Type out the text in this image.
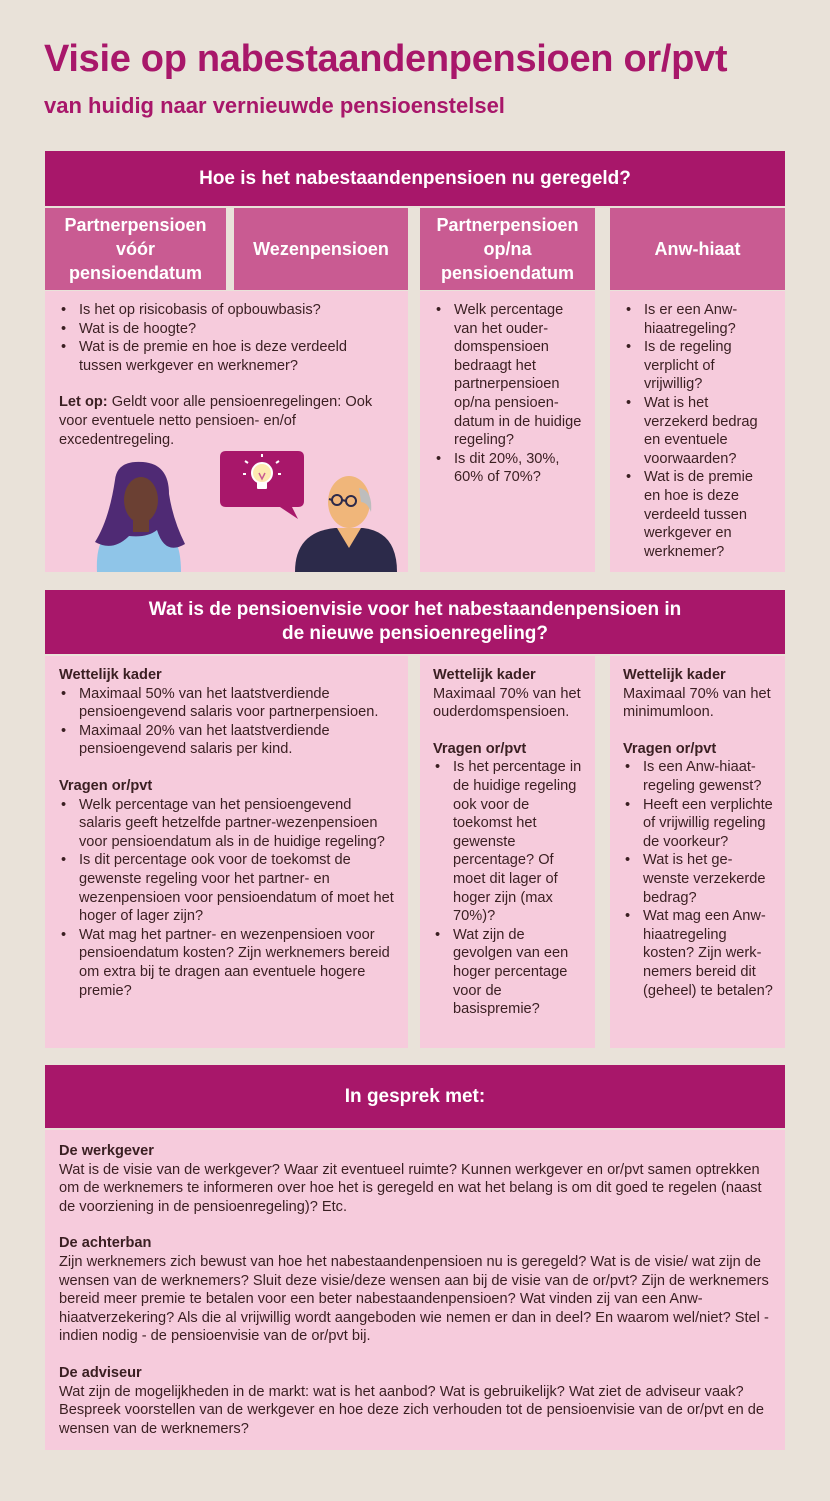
Visie op nabestaandenpensioen or/pvt
van huidig naar vernieuwde pensioenstelsel
Hoe is het nabestaandenpensioen nu geregeld?
Partnerpensioen vóór pensioendatum
Wezenpensioen
Partnerpensioen op/na pensioendatum
Anw-hiaat
• Is het op risicobasis of opbouwbasis?
• Wat is de hoogte?
• Wat is de premie en hoe is deze verdeeld tussen werkgever en werknemer?
Let op: Geldt voor alle pensioenregelingen: Ook voor eventuele netto pensioen- en/of excedentregeling.
• Welk percentage van het ouder-domspensioen bedraagt het partnerpensioen op/na pensioendatum in de huidige regeling?
• Is dit 20%, 30%, 60% of 70%?
• Is er een Anw-hiaatregeling?
• Is de regeling verplicht of vrijwillig?
• Wat is het verzekerd bedrag en eventuele voorwaarden?
• Wat is de premie en hoe is deze verdeeld tussen werkgever en werknemer?
Wat is de pensioenvisie voor het nabestaandenpensioen in
de nieuwe pensioenregeling?
Wettelijk kader
• Maximaal 50% van het laatstverdiende pensioengevend salaris voor partnerpensioen.
• Maximaal 20% van het laatstverdiende pensioengevend salaris per kind.
Vragen or/pvt
• Welk percentage van het pensioengevend salaris geeft hetzelfde partner-wezenpensioen voor pensioendatum als in de huidige regeling?
• Is dit percentage ook voor de toekomst de gewenste regeling voor het partner- en wezenpensioen voor pensioendatum of moet het hoger of lager zijn?
• Wat mag het partner- en wezenpensioen voor pensioendatum kosten? Zijn werknemers bereid om extra bij te dragen aan eventuele hogere premie?
Wettelijk kader
Maximaal 70% van het ouderdomspensioen.
Vragen or/pvt
• Is het percentage in de huidige regeling ook voor de toekomst het gewenste percentage? Of moet dit lager of hoger zijn (max 70%)?
• Wat zijn de gevolgen van een hoger percentage voor de basispremie?
Wettelijk kader
Maximaal 70% van het minimumloon.
Vragen or/pvt
• Is een Anw-hiaatregeling gewenst?
• Heeft een verplichte of vrijwillig regeling de voorkeur?
• Wat is het gewenste verzekerde bedrag?
• Wat mag een Anw-hiaatregeling kosten? Zijn werknemers bereid dit (geheel) te betalen?
In gesprek met:
De werkgever
Wat is de visie van de werkgever? Waar zit eventueel ruimte? Kunnen werkgever en or/pvt samen optrekken om de werknemers te informeren over hoe het is geregeld en wat het belang is om dit goed te regelen (naast de voorziening in de pensioenregeling)? Etc.
De achterban
Zijn werknemers zich bewust van hoe het nabestaandenpensioen nu is geregeld? Wat is de visie/ wat zijn de wensen van de werknemers? Sluit deze visie/deze wensen aan bij de visie van de or/pvt? Zijn de werknemers bereid meer premie te betalen voor een beter nabestaandenpensioen? Wat vinden zij van een Anw-hiaatverzekering? Als die al vrijwillig wordt aangeboden wie nemen er dan in deel? En waarom wel/niet? Stel - indien nodig - de pensioenvisie van de or/pvt bij.
De adviseur
Wat zijn de mogelijkheden in de markt: wat is het aanbod? Wat is gebruikelijk? Wat ziet de adviseur vaak? Bespreek voorstellen van de werkgever en hoe deze zich verhouden tot de pensioenvisie van de or/pvt en de wensen van de werknemers?
